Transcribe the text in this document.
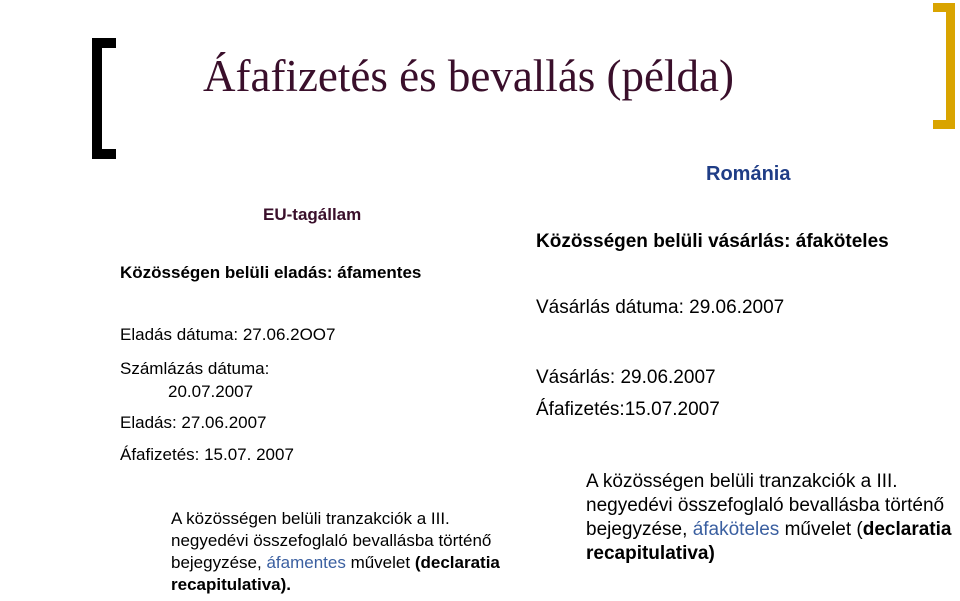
Áfafizetés és bevallás (példa)

EU-tagállam

Közösségen belüli eladás: áfamentes

Eladás dátuma: 27.06.2OO7

Számlázás dátuma:

20.07.2007

Eladás: 27.06.2007

Áfafizetés: 15.07. 2007

A közösségen belüli tranzakciók a III. negyedévi összefoglaló bevallásba történő bejegyzése, áfamentes művelet (declaratia recapitulativa).

Románia

Közösségen belüli vásárlás: áfaköteles

Vásárlás dátuma: 29.06.2007

Vásárlás: 29.06.2007

Áfafizetés:15.07.2007

A közösségen belüli tranzakciók a III. negyedévi összefoglaló bevallásba történő bejegyzése, áfaköteles művelet (declaratia recapitulativa)
